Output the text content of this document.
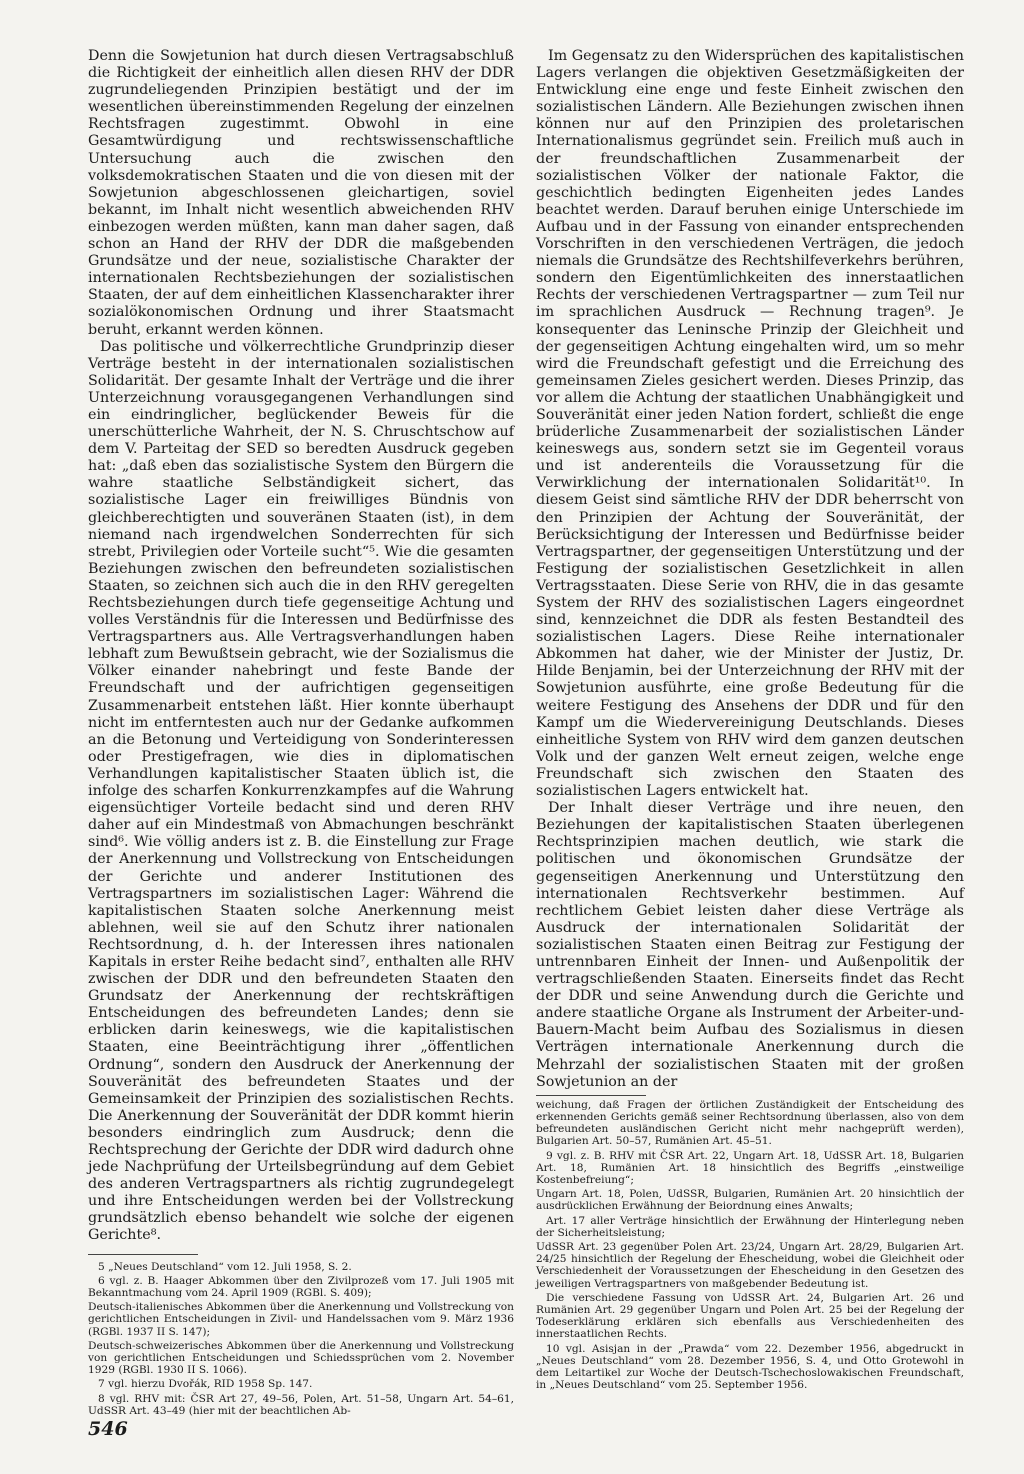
Denn die Sowjetunion hat durch diesen Vertragsabschluß die Richtigkeit der einheitlich allen diesen RHV der DDR zugrundeliegenden Prinzipien bestätigt und der im wesentlichen übereinstimmenden Regelung der einzelnen Rechtsfragen zugestimmt. Obwohl in eine Gesamtwürdigung und rechtswissenschaftliche Untersuchung auch die zwischen den volksdemokratischen Staaten und die von diesen mit der Sowjetunion abgeschlossenen gleichartigen, soviel bekannt, im Inhalt nicht wesentlich abweichenden RHV einbezogen werden müßten, kann man daher sagen, daß schon an Hand der RHV der DDR die maßgebenden Grundsätze und der neue, sozialistische Charakter der internationalen Rechtsbeziehungen der sozialistischen Staaten, der auf dem einheitlichen Klassencharakter ihrer sozialökonomischen Ordnung und ihrer Staatsmacht beruht, erkannt werden können.

Das politische und völkerrechtliche Grundprinzip dieser Verträge besteht in der internationalen sozialistischen Solidarität. Der gesamte Inhalt der Verträge und die ihrer Unterzeichnung vorausgegangenen Verhandlungen sind ein eindringlicher, beglückender Beweis für die unerschütterliche Wahrheit, der N. S. Chruschtschow auf dem V. Parteitag der SED so beredten Ausdruck gegeben hat: „daß eben das sozialistische System den Bürgern die wahre staatliche Selbständigkeit sichert, das sozialistische Lager ein freiwilliges Bündnis von gleichberechtigten und souveränen Staaten (ist), in dem niemand nach irgendwelchen Sonderrechten für sich strebt, Privilegien oder Vorteile sucht“⁵. Wie die gesamten Beziehungen zwischen den befreundeten sozialistischen Staaten, so zeichnen sich auch die in den RHV geregelten Rechtsbeziehungen durch tiefe gegenseitige Achtung und volles Verständnis für die Interessen und Bedürfnisse des Vertragspartners aus. Alle Vertragsverhandlungen haben lebhaft zum Bewußtsein gebracht, wie der Sozialismus die Völker einander nahebringt und feste Bande der Freundschaft und der aufrichtigen gegenseitigen Zusammenarbeit entstehen läßt. Hier konnte überhaupt nicht im entferntesten auch nur der Gedanke aufkommen an die Betonung und Verteidigung von Sonderinteressen oder Prestigefragen, wie dies in diplomatischen Verhandlungen kapitalistischer Staaten üblich ist, die infolge des scharfen Konkurrenzkampfes auf die Wahrung eigensüchtiger Vorteile bedacht sind und deren RHV daher auf ein Mindestmaß von Abmachungen beschränkt sind⁶. Wie völlig anders ist z. B. die Einstellung zur Frage der Anerkennung und Vollstreckung von Entscheidungen der Gerichte und anderer Institutionen des Vertragspartners im sozialistischen Lager: Während die kapitalistischen Staaten solche Anerkennung meist ablehnen, weil sie auf den Schutz ihrer nationalen Rechtsordnung, d. h. der Interessen ihres nationalen Kapitals in erster Reihe bedacht sind⁷, enthalten alle RHV zwischen der DDR und den befreundeten Staaten den Grundsatz der Anerkennung der rechtskräftigen Entscheidungen des befreundeten Landes; denn sie erblicken darin keineswegs, wie die kapitalistischen Staaten, eine Beeinträchtigung ihrer „öffentlichen Ordnung“, sondern den Ausdruck der Anerkennung der Souveränität des befreundeten Staates und der Gemeinsamkeit der Prinzipien des sozialistischen Rechts. Die Anerkennung der Souveränität der DDR kommt hierin besonders eindringlich zum Ausdruck; denn die Rechtsprechung der Gerichte der DDR wird dadurch ohne jede Nachprüfung der Urteilsbegründung auf dem Gebiet des anderen Vertragspartners als richtig zugrundegelegt und ihre Entscheidungen werden bei der Vollstreckung grundsätzlich ebenso behandelt wie solche der eigenen Gerichte⁸.

5 „Neues Deutschland“ vom 12. Juli 1958, S. 2.

6 vgl. z. B. Haager Abkommen über den Zivilprozeß vom 17. Juli 1905 mit Bekanntmachung vom 24. April 1909 (RGBl. S. 409);

Deutsch-italienisches Abkommen über die Anerkennung und Vollstreckung von gerichtlichen Entscheidungen in Zivil- und Handelssachen vom 9. März 1936 (RGBl. 1937 II S. 147);

Deutsch-schweizerisches Abkommen über die Anerkennung und Vollstreckung von gerichtlichen Entscheidungen und Schiedssprüchen vom 2. November 1929 (RGBl. 1930 II S. 1066).

7 vgl. hierzu Dvořák, RID 1958 Sp. 147.

8 vgl. RHV mit: ČSR Art 27, 49–56, Polen, Art. 51–58, Ungarn Art. 54–61, UdSSR Art. 43–49 (hier mit der beachtlichen Ab-

Im Gegensatz zu den Widersprüchen des kapitalistischen Lagers verlangen die objektiven Gesetzmäßigkeiten der Entwicklung eine enge und feste Einheit zwischen den sozialistischen Ländern. Alle Beziehungen zwischen ihnen können nur auf den Prinzipien des proletarischen Internationalismus gegründet sein. Freilich muß auch in der freundschaftlichen Zusammenarbeit der sozialistischen Völker der nationale Faktor, die geschichtlich bedingten Eigenheiten jedes Landes beachtet werden. Darauf beruhen einige Unterschiede im Aufbau und in der Fassung von einander entsprechenden Vorschriften in den verschiedenen Verträgen, die jedoch niemals die Grundsätze des Rechtshilfeverkehrs berühren, sondern den Eigentümlichkeiten des innerstaatlichen Rechts der verschiedenen Vertragspartner — zum Teil nur im sprachlichen Ausdruck — Rechnung tragen⁹. Je konsequenter das Leninsche Prinzip der Gleichheit und der gegenseitigen Achtung eingehalten wird, um so mehr wird die Freundschaft gefestigt und die Erreichung des gemeinsamen Zieles gesichert werden. Dieses Prinzip, das vor allem die Achtung der staatlichen Unabhängigkeit und Souveränität einer jeden Nation fordert, schließt die enge brüderliche Zusammenarbeit der sozialistischen Länder keineswegs aus, sondern setzt sie im Gegenteil voraus und ist anderenteils die Voraussetzung für die Verwirklichung der internationalen Solidarität¹⁰. In diesem Geist sind sämtliche RHV der DDR beherrscht von den Prinzipien der Achtung der Souveränität, der Berücksichtigung der Interessen und Bedürfnisse beider Vertragspartner, der gegenseitigen Unterstützung und der Festigung der sozialistischen Gesetzlichkeit in allen Vertragsstaaten. Diese Serie von RHV, die in das gesamte System der RHV des sozialistischen Lagers eingeordnet sind, kennzeichnet die DDR als festen Bestandteil des sozialistischen Lagers. Diese Reihe internationaler Abkommen hat daher, wie der Minister der Justiz, Dr. Hilde Benjamin, bei der Unterzeichnung der RHV mit der Sowjetunion ausführte, eine große Bedeutung für die weitere Festigung des Ansehens der DDR und für den Kampf um die Wiedervereinigung Deutschlands. Dieses einheitliche System von RHV wird dem ganzen deutschen Volk und der ganzen Welt erneut zeigen, welche enge Freundschaft sich zwischen den Staaten des sozialistischen Lagers entwickelt hat.

Der Inhalt dieser Verträge und ihre neuen, den Beziehungen der kapitalistischen Staaten überlegenen Rechtsprinzipien machen deutlich, wie stark die politischen und ökonomischen Grundsätze der gegenseitigen Anerkennung und Unterstützung den internationalen Rechtsverkehr bestimmen. Auf rechtlichem Gebiet leisten daher diese Verträge als Ausdruck der internationalen Solidarität der sozialistischen Staaten einen Beitrag zur Festigung der untrennbaren Einheit der Innen- und Außenpolitik der vertragschließenden Staaten. Einerseits findet das Recht der DDR und seine Anwendung durch die Gerichte und andere staatliche Organe als Instrument der Arbeiter-und-Bauern-Macht beim Aufbau des Sozialismus in diesen Verträgen internationale Anerkennung durch die Mehrzahl der sozialistischen Staaten mit der großen Sowjetunion an der

weichung, daß Fragen der örtlichen Zuständigkeit der Entscheidung des erkennenden Gerichts gemäß seiner Rechtsordnung überlassen, also von dem befreundeten ausländischen Gericht nicht mehr nachgeprüft werden), Bulgarien Art. 50–57, Rumänien Art. 45–51.

9 vgl. z. B. RHV mit ČSR Art. 22, Ungarn Art. 18, UdSSR Art. 18, Bulgarien Art. 18, Rumänien Art. 18 hinsichtlich des Begriffs „einstweilige Kostenbefreiung“;

Ungarn Art. 18, Polen, UdSSR, Bulgarien, Rumänien Art. 20 hinsichtlich der ausdrücklichen Erwähnung der Beiordnung eines Anwalts;

Art. 17 aller Verträge hinsichtlich der Erwähnung der Hinterlegung neben der Sicherheitsleistung;

UdSSR Art. 23 gegenüber Polen Art. 23/24, Ungarn Art. 28/29, Bulgarien Art. 24/25 hinsichtlich der Regelung der Ehescheidung, wobei die Gleichheit oder Verschiedenheit der Voraussetzungen der Ehescheidung in den Gesetzen des jeweiligen Vertragspartners von maßgebender Bedeutung ist.

Die verschiedene Fassung von UdSSR Art. 24, Bulgarien Art. 26 und Rumänien Art. 29 gegenüber Ungarn und Polen Art. 25 bei der Regelung der Todeserklärung erklären sich ebenfalls aus Verschiedenheiten des innerstaatlichen Rechts.

10 vgl. Asisjan in der „Prawda“ vom 22. Dezember 1956, abgedruckt in „Neues Deutschland“ vom 28. Dezember 1956, S. 4, und Otto Grotewohl in dem Leitartikel zur Woche der Deutsch-Tschechoslowakischen Freundschaft, in „Neues Deutschland“ vom 25. September 1956.

546
